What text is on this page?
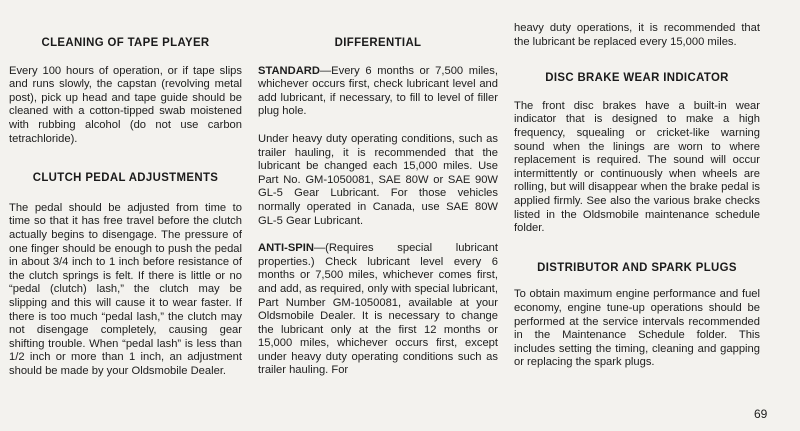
CLEANING OF TAPE PLAYER

Every 100 hours of operation, or if tape slips and runs slowly, the capstan (revolving metal post), pick up head and tape guide should be cleaned with a cotton-tipped swab moistened with rubbing alcohol (do not use carbon tetrachloride).

CLUTCH PEDAL ADJUSTMENTS

The pedal should be adjusted from time to time so that it has free travel before the clutch actually begins to disengage. The pressure of one finger should be enough to push the pedal in about 3/4 inch to 1 inch before resistance of the clutch springs is felt. If there is little or no “pedal (clutch) lash,” the clutch may be slipping and this will cause it to wear faster. If there is too much “pedal lash,” the clutch may not disengage completely, causing gear shifting trouble. When “pedal lash” is less than 1/2 inch or more than 1 inch, an adjustment should be made by your Oldsmobile Dealer.

DIFFERENTIAL

STANDARD—Every 6 months or 7,500 miles, whichever occurs first, check lubricant level and add lubricant, if necessary, to fill to level of filler plug hole.

Under heavy duty operating conditions, such as trailer hauling, it is recommended that the lubricant be changed each 15,000 miles. Use Part No. GM-1050081, SAE 80W or SAE 90W GL-5 Gear Lubricant. For those vehicles normally operated in Canada, use SAE 80W GL-5 Gear Lubricant.

ANTI-SPIN—(Requires special lubricant properties.) Check lubricant level every 6 months or 7,500 miles, whichever comes first, and add, as required, only with special lubricant, Part Number GM-1050081, available at your Oldsmobile Dealer. It is necessary to change the lubricant only at the first 12 months or 15,000 miles, whichever occurs first, except under heavy duty operating conditions such as trailer hauling. For

heavy duty operations, it is recommended that the lubricant be replaced every 15,000 miles.

DISC BRAKE WEAR INDICATOR

The front disc brakes have a built-in wear indicator that is designed to make a high frequency, squealing or cricket-like warning sound when the linings are worn to where replacement is required. The sound will occur intermittently or continuously when wheels are rolling, but will disappear when the brake pedal is applied firmly. See also the various brake checks listed in the Oldsmobile maintenance schedule folder.

DISTRIBUTOR AND SPARK PLUGS

To obtain maximum engine performance and fuel economy, engine tune-up operations should be performed at the service intervals recommended in the Maintenance Schedule folder. This includes setting the timing, cleaning and gapping or replacing the spark plugs.

69
